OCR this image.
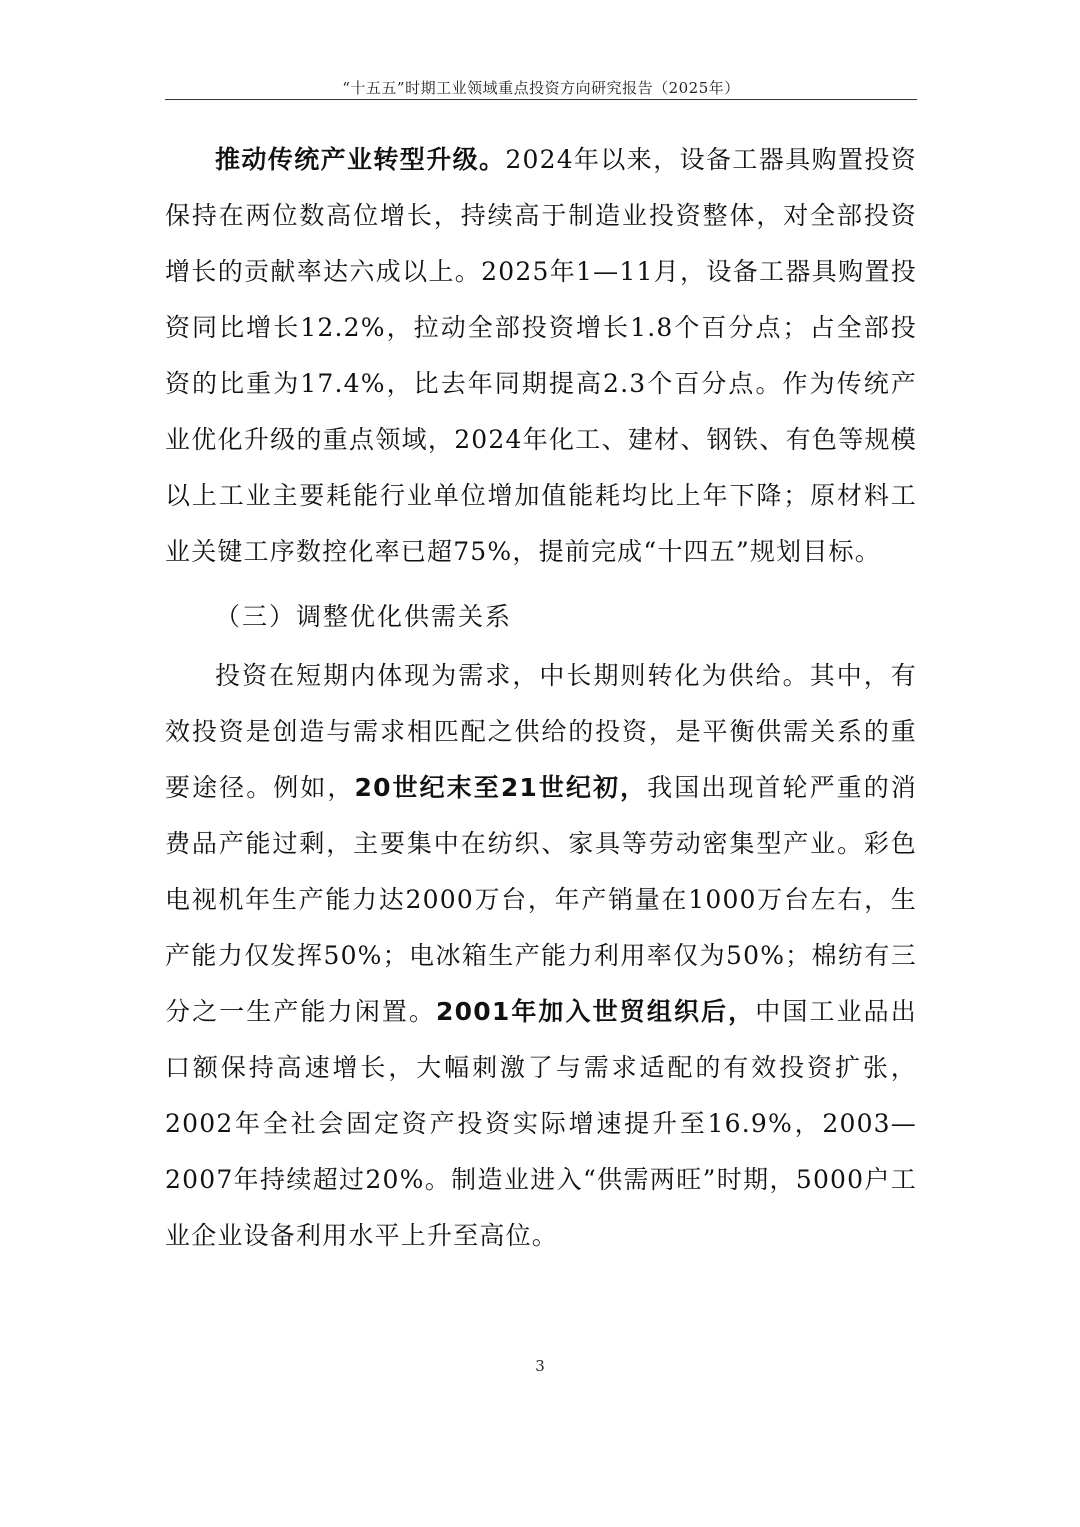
“十五五”时期工业领域重点投资方向研究报告（2025年）

推动传统产业转型升级。2024年以来，设备工器具购置投资保持在两位数高位增长，持续高于制造业投资整体，对全部投资增长的贡献率达六成以上。2025年1—11月，设备工器具购置投资同比增长12.2%，拉动全部投资增长1.8个百分点；占全部投资的比重为17.4%，比去年同期提高2.3个百分点。作为传统产业优化升级的重点领域，2024年化工、建材、钢铁、有色等规模以上工业主要耗能行业单位增加值能耗均比上年下降；原材料工业关键工序数控化率已超75%，提前完成“十四五”规划目标。

（三）调整优化供需关系

投资在短期内体现为需求，中长期则转化为供给。其中，有效投资是创造与需求相匹配之供给的投资，是平衡供需关系的重要途径。例如，20世纪末至21世纪初，我国出现首轮严重的消费品产能过剩，主要集中在纺织、家具等劳动密集型产业。彩色电视机年生产能力达2000万台，年产销量在1000万台左右，生产能力仅发挥50%；电冰箱生产能力利用率仅为50%；棉纺有三分之一生产能力闲置。2001年加入世贸组织后，中国工业品出口额保持高速增长，大幅刺激了与需求适配的有效投资扩张，2002年全社会固定资产投资实际增速提升至16.9%，2003—2007年持续超过20%。制造业进入“供需两旺”时期，5000户工业企业设备利用水平上升至高位。

3
